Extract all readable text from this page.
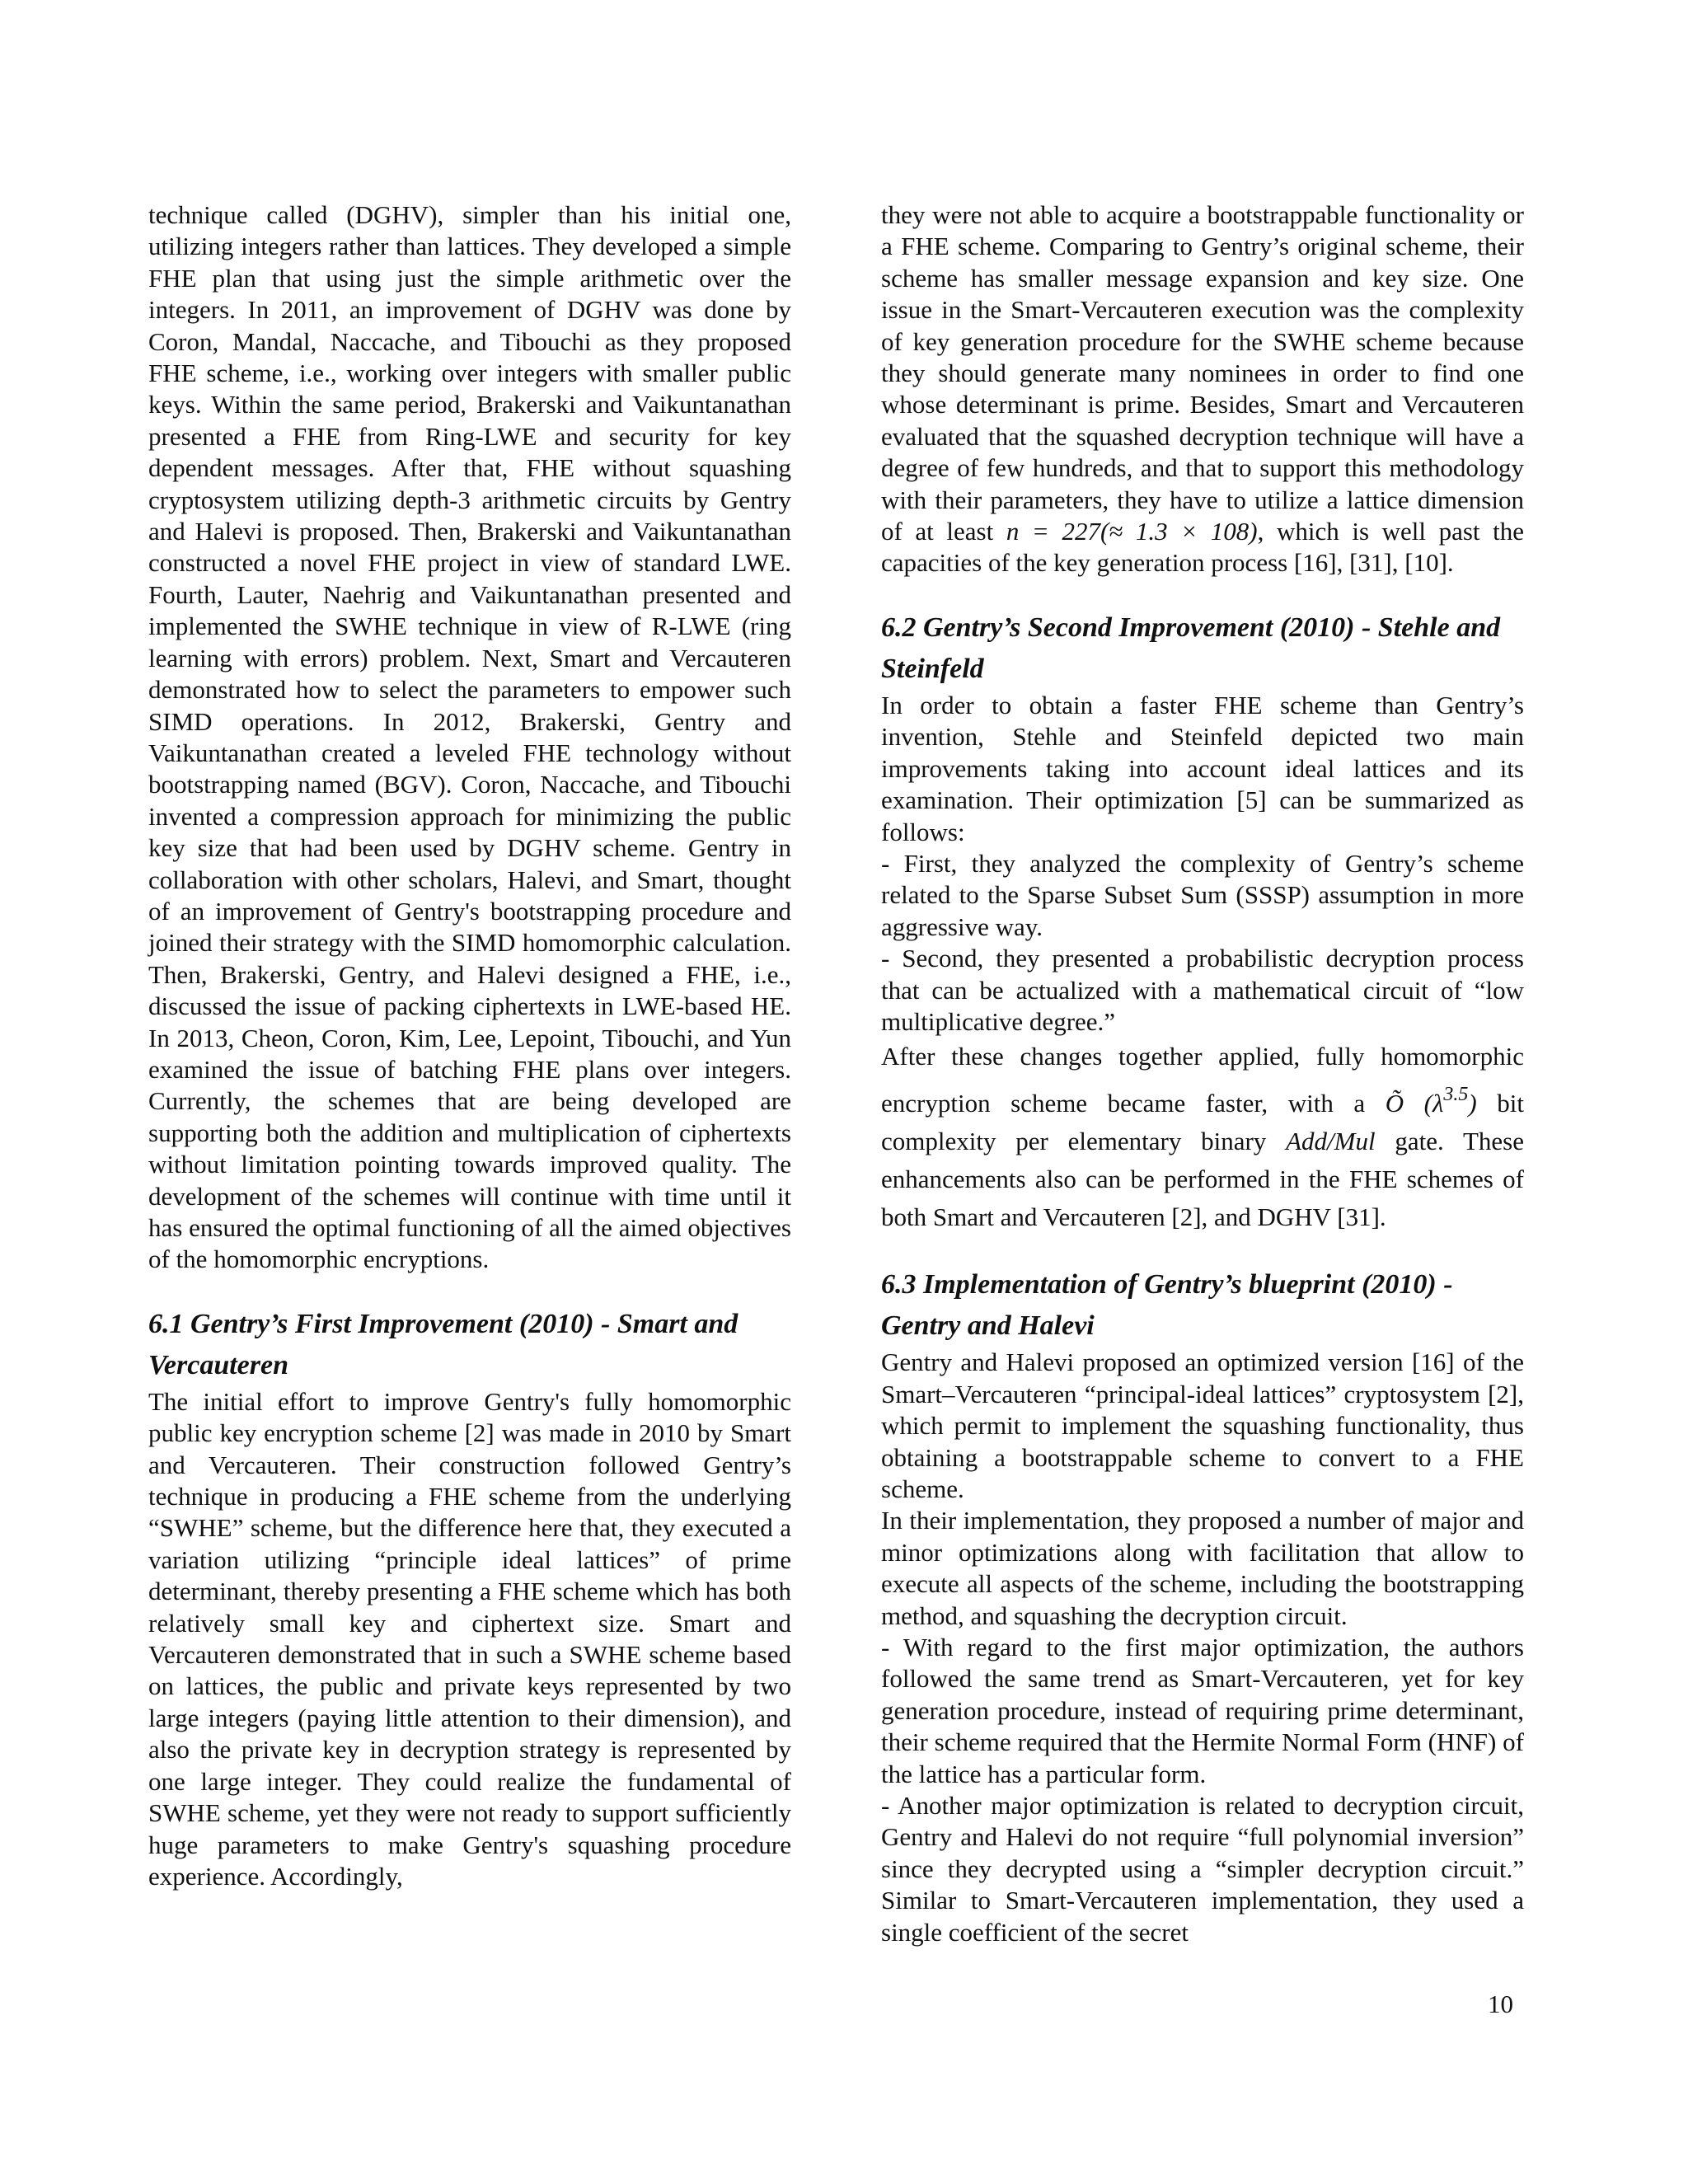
technique called (DGHV), simpler than his initial one, utilizing integers rather than lattices. They developed a simple FHE plan that using just the simple arithmetic over the integers. In 2011, an improvement of DGHV was done by Coron, Mandal, Naccache, and Tibouchi as they proposed FHE scheme, i.e., working over integers with smaller public keys. Within the same period, Brakerski and Vaikuntanathan presented a FHE from Ring-LWE and security for key dependent messages. After that, FHE without squashing cryptosystem utilizing depth-3 arithmetic circuits by Gentry and Halevi is proposed. Then, Brakerski and Vaikuntanathan constructed a novel FHE project in view of standard LWE. Fourth, Lauter, Naehrig and Vaikuntanathan presented and implemented the SWHE technique in view of R-LWE (ring learning with errors) problem. Next, Smart and Vercauteren demonstrated how to select the parameters to empower such SIMD operations. In 2012, Brakerski, Gentry and Vaikuntanathan created a leveled FHE technology without bootstrapping named (BGV). Coron, Naccache, and Tibouchi invented a compression approach for minimizing the public key size that had been used by DGHV scheme. Gentry in collaboration with other scholars, Halevi, and Smart, thought of an improvement of Gentry's bootstrapping procedure and joined their strategy with the SIMD homomorphic calculation. Then, Brakerski, Gentry, and Halevi designed a FHE, i.e., discussed the issue of packing ciphertexts in LWE-based HE. In 2013, Cheon, Coron, Kim, Lee, Lepoint, Tibouchi, and Yun examined the issue of batching FHE plans over integers. Currently, the schemes that are being developed are supporting both the addition and multiplication of ciphertexts without limitation pointing towards improved quality. The development of the schemes will continue with time until it has ensured the optimal functioning of all the aimed objectives of the homomorphic encryptions.

6.1 Gentry’s First Improvement (2010) - Smart and Vercauteren

The initial effort to improve Gentry's fully homomorphic public key encryption scheme [2] was made in 2010 by Smart and Vercauteren. Their construction followed Gentry’s technique in producing a FHE scheme from the underlying “SWHE” scheme, but the difference here that, they executed a variation utilizing “principle ideal lattices” of prime determinant, thereby presenting a FHE scheme which has both relatively small key and ciphertext size. Smart and Vercauteren demonstrated that in such a SWHE scheme based on lattices, the public and private keys represented by two large integers (paying little attention to their dimension), and also the private key in decryption strategy is represented by one large integer. They could realize the fundamental of SWHE scheme, yet they were not ready to support sufficiently huge parameters to make Gentry's squashing procedure experience. Accordingly,

they were not able to acquire a bootstrappable functionality or a FHE scheme. Comparing to Gentry’s original scheme, their scheme has smaller message expansion and key size. One issue in the Smart-Vercauteren execution was the complexity of key generation procedure for the SWHE scheme because they should generate many nominees in order to find one whose determinant is prime. Besides, Smart and Vercauteren evaluated that the squashed decryption technique will have a degree of few hundreds, and that to support this methodology with their parameters, they have to utilize a lattice dimension of at least n = 227(≈ 1.3 × 108), which is well past the capacities of the key generation process [16], [31], [10].

6.2 Gentry’s Second Improvement (2010) - Stehle and Steinfeld

In order to obtain a faster FHE scheme than Gentry’s invention, Stehle and Steinfeld depicted two main improvements taking into account ideal lattices and its examination. Their optimization [5] can be summarized as follows:

- First, they analyzed the complexity of Gentry’s scheme related to the Sparse Subset Sum (SSSP) assumption in more aggressive way.

- Second, they presented a probabilistic decryption process that can be actualized with a mathematical circuit of “low multiplicative degree.”

After these changes together applied, fully homomorphic encryption scheme became faster, with a Õ $(\lambda^{3.5})$ bit complexity per elementary binary Add/Mul gate. These enhancements also can be performed in the FHE schemes of both Smart and Vercauteren [2], and DGHV [31].

6.3 Implementation of Gentry’s blueprint (2010) - Gentry and Halevi

Gentry and Halevi proposed an optimized version [16] of the Smart–Vercauteren “principal-ideal lattices” cryptosystem [2], which permit to implement the squashing functionality, thus obtaining a bootstrappable scheme to convert to a FHE scheme.

In their implementation, they proposed a number of major and minor optimizations along with facilitation that allow to execute all aspects of the scheme, including the bootstrapping method, and squashing the decryption circuit.

- With regard to the first major optimization, the authors followed the same trend as Smart-Vercauteren, yet for key generation procedure, instead of requiring prime determinant, their scheme required that the Hermite Normal Form (HNF) of the lattice has a particular form.

- Another major optimization is related to decryption circuit, Gentry and Halevi do not require “full polynomial inversion” since they decrypted using a “simpler decryption circuit.” Similar to Smart-Vercauteren implementation, they used a single coefficient of the secret

10
